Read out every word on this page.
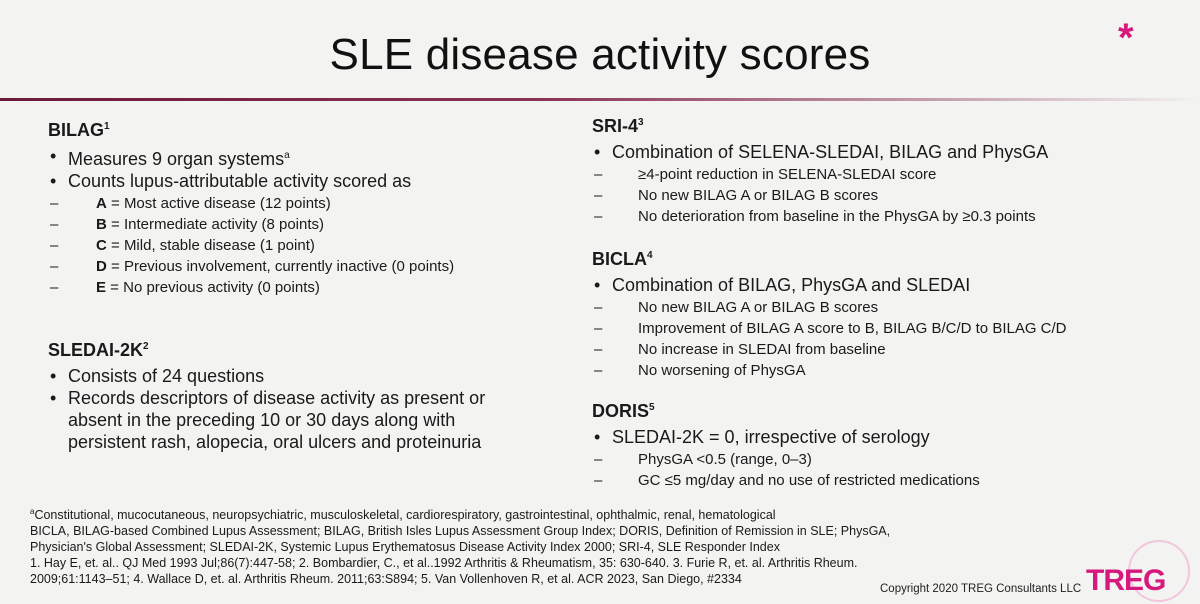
SLE disease activity scores	*
BILAG$^1$
• Measures 9 organ systems$^a$
• Counts lupus-attributable activity scored as
– A = Most active disease (12 points)
– B = Intermediate activity (8 points)
– C = Mild, stable disease (1 point)
– D = Previous involvement, currently inactive (0 points)
– E = No previous activity (0 points)
SLEDAI-$2K^2$
• Consists of 24 questions
• Records descriptors of disease activity as present or absent in the preceding 10 or 30 days along with persistent rash, alopecia, oral ulcers and proteinuria
SRI-$4^3$
• Combination of SELENA-SLEDAI, BILAG and PhysGA
– ≥4-point reduction in SELENA-SLEDAI score
– No new BILAG A or BILAG B scores
– No deterioration from baseline in the PhysGA by ≥0.3 points
BICLA$^4$
• Combination of BILAG, PhysGA and SLEDAI
– No new BILAG A or BILAG B scores
– Improvement of BILAG A score to B, BILAG B/C/D to BILAG C/D
– No increase in SLEDAI from baseline
– No worsening of PhysGA
DORIS$^5$
• SLEDAI-2K = 0, irrespective of serology
– PhysGA <0.5 (range, 0–3)
– GC ≤5 mg/day and no use of restricted medications
$^a$Constitutional, mucocutaneous, neuropsychiatric, musculoskeletal, cardiorespiratory, gastrointestinal, ophthalmic, renal, hematological
BICLA, BILAG-based Combined Lupus Assessment; BILAG, British Isles Lupus Assessment Group Index; DORIS, Definition of Remission in SLE; PhysGA,
Physician's Global Assessment; SLEDAI-2K, Systemic Lupus Erythematosus Disease Activity Index 2000; SRI-4, SLE Responder Index
1. Hay E, et. al.. QJ Med 1993 Jul;86(7):447-58; 2. Bombardier, C., et al..1992 Arthritis & Rheumatism, 35: 630-640. 3. Furie R, et. al. Arthritis Rheum.
2009;61:1143–51; 4. Wallace D, et. al. Arthritis Rheum. 2011;63:S894; 5. Van Vollenhoven R, et al. ACR 2023, San Diego, #2334
Copyright 2020 TREG Consultants LLC TREG
